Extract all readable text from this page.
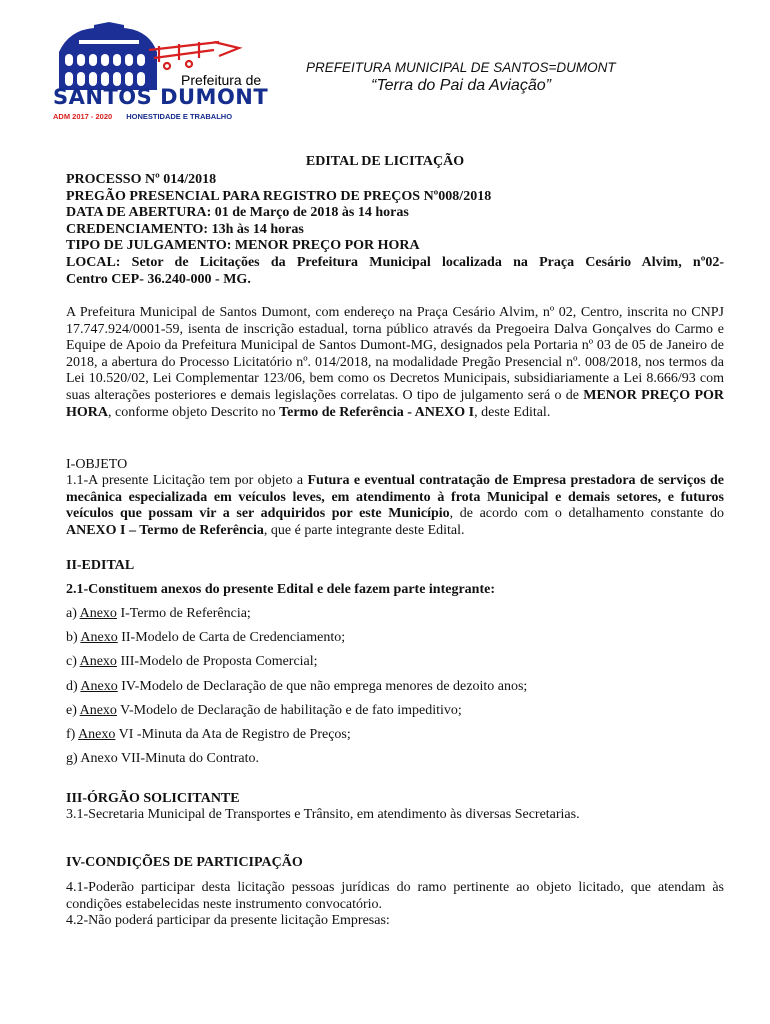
Prefeitura de
SANTOS DUMONT
ADM 2017 - 2020 HONESTIDADE E TRABALHO
PREFEITURA MUNICIPAL DE SANTOS=DUMONT
“Terra do Pai da Aviação”
EDITAL DE LICITAÇÃO
PROCESSO Nº 014/2018
PREGÃO PRESENCIAL PARA REGISTRO DE PREÇOS Nº008/2018
DATA DE ABERTURA: 01 de Março de 2018 às 14 horas
CREDENCIAMENTO: 13h às 14 horas
TIPO DE JULGAMENTO: MENOR PREÇO POR HORA
LOCAL: Setor de Licitações da Prefeitura Municipal localizada na Praça Cesário Alvim, nº02-
Centro CEP- 36.240-000 - MG.
A Prefeitura Municipal de Santos Dumont, com endereço na Praça Cesário Alvim, nº 02, Centro, inscrita no CNPJ 17.747.924/0001-59, isenta de inscrição estadual, torna público através da Pregoeira Dalva Gonçalves do Carmo e Equipe de Apoio da Prefeitura Municipal de Santos Dumont-MG, designados pela Portaria nº 03 de 05 de Janeiro de 2018, a abertura do Processo Licitatório nº. 014/2018, na modalidade Pregão Presencial nº. 008/2018, nos termos da Lei 10.520/02, Lei Complementar 123/06, bem como os Decretos Municipais, subsidiariamente a Lei 8.666/93 com suas alterações posteriores e demais legislações correlatas. O tipo de julgamento será o de MENOR PREÇO POR HORA, conforme objeto Descrito no Termo de Referência - ANEXO I, deste Edital.
I-OBJETO
1.1-A presente Licitação tem por objeto a Futura e eventual contratação de Empresa prestadora de serviços de mecânica especializada em veículos leves, em atendimento à frota Municipal e demais setores, e futuros veículos que possam vir a ser adquiridos por este Município, de acordo com o detalhamento constante do ANEXO I – Termo de Referência, que é parte integrante deste Edital.
II-EDITAL
2.1-Constituem anexos do presente Edital e dele fazem parte integrante:
a) Anexo I-Termo de Referência;
b) Anexo II-Modelo de Carta de Credenciamento;
c) Anexo III-Modelo de Proposta Comercial;
d) Anexo IV-Modelo de Declaração de que não emprega menores de dezoito anos;
e) Anexo V-Modelo de Declaração de habilitação e de fato impeditivo;
f) Anexo VI -Minuta da Ata de Registro de Preços;
g) Anexo VII-Minuta do Contrato.
III-ÓRGÃO SOLICITANTE
3.1-Secretaria Municipal de Transportes e Trânsito, em atendimento às diversas Secretarias.
IV-CONDIÇÕES DE PARTICIPAÇÃO
4.1-Poderão participar desta licitação pessoas jurídicas do ramo pertinente ao objeto licitado, que atendam às condições estabelecidas neste instrumento convocatório.
4.2-Não poderá participar da presente licitação Empresas:
